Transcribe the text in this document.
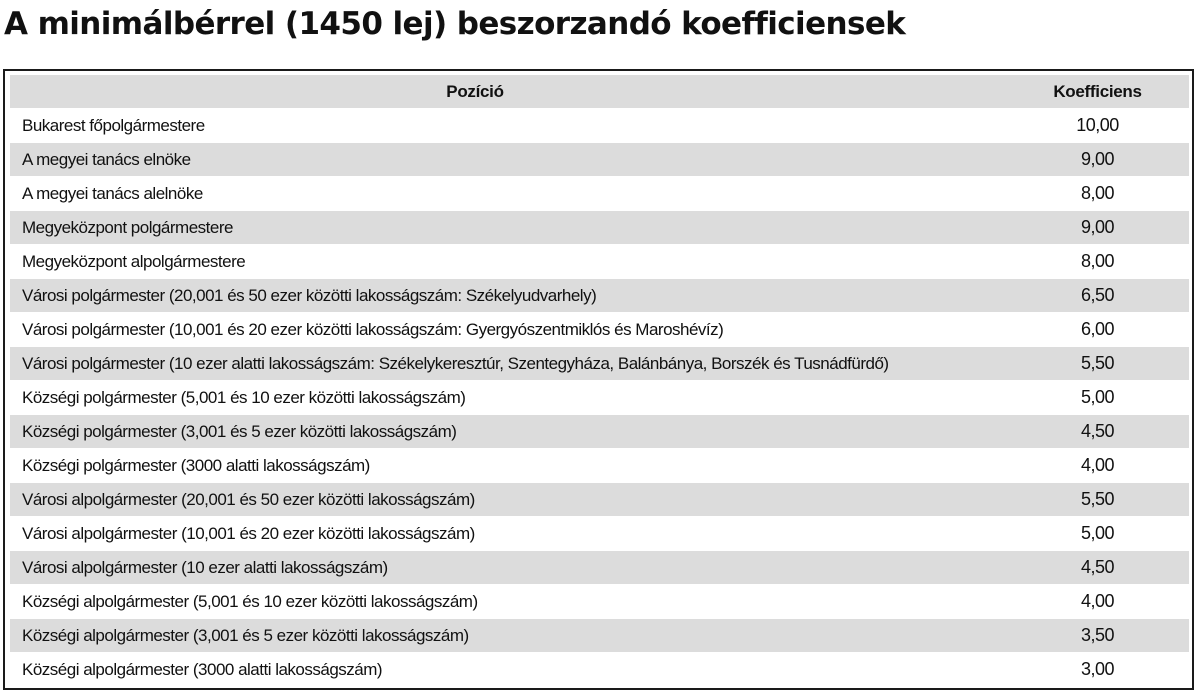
A minimálbérrel (1450 lej) beszorzandó koefficiensek
Pozíció	Koefficiens
Bukarest főpolgármestere	10,00
A megyei tanács elnöke	9,00
A megyei tanács alelnöke	8,00
Megyeközpont polgármestere	9,00
Megyeközpont alpolgármestere	8,00
Városi polgármester (20,001 és 50 ezer közötti lakosságszám: Székelyudvarhely)	6,50
Városi polgármester (10,001 és 20 ezer közötti lakosságszám: Gyergyószentmiklós és Maroshévíz)	6,00
Városi polgármester (10 ezer alatti lakosságszám: Székelykeresztúr, Szentegyháza, Balánbánya, Borszék és Tusnádfürdő)	5,50
Községi polgármester (5,001 és 10 ezer közötti lakosságszám)	5,00
Községi polgármester (3,001 és 5 ezer közötti lakosságszám)	4,50
Községi polgármester (3000 alatti lakosságszám)	4,00
Városi alpolgármester (20,001 és 50 ezer közötti lakosságszám)	5,50
Városi alpolgármester (10,001 és 20 ezer közötti lakosságszám)	5,00
Városi alpolgármester (10 ezer alatti lakosságszám)	4,50
Községi alpolgármester (5,001 és 10 ezer közötti lakosságszám)	4,00
Községi alpolgármester (3,001 és 5 ezer közötti lakosságszám)	3,50
Községi alpolgármester (3000 alatti lakosságszám)	3,00
